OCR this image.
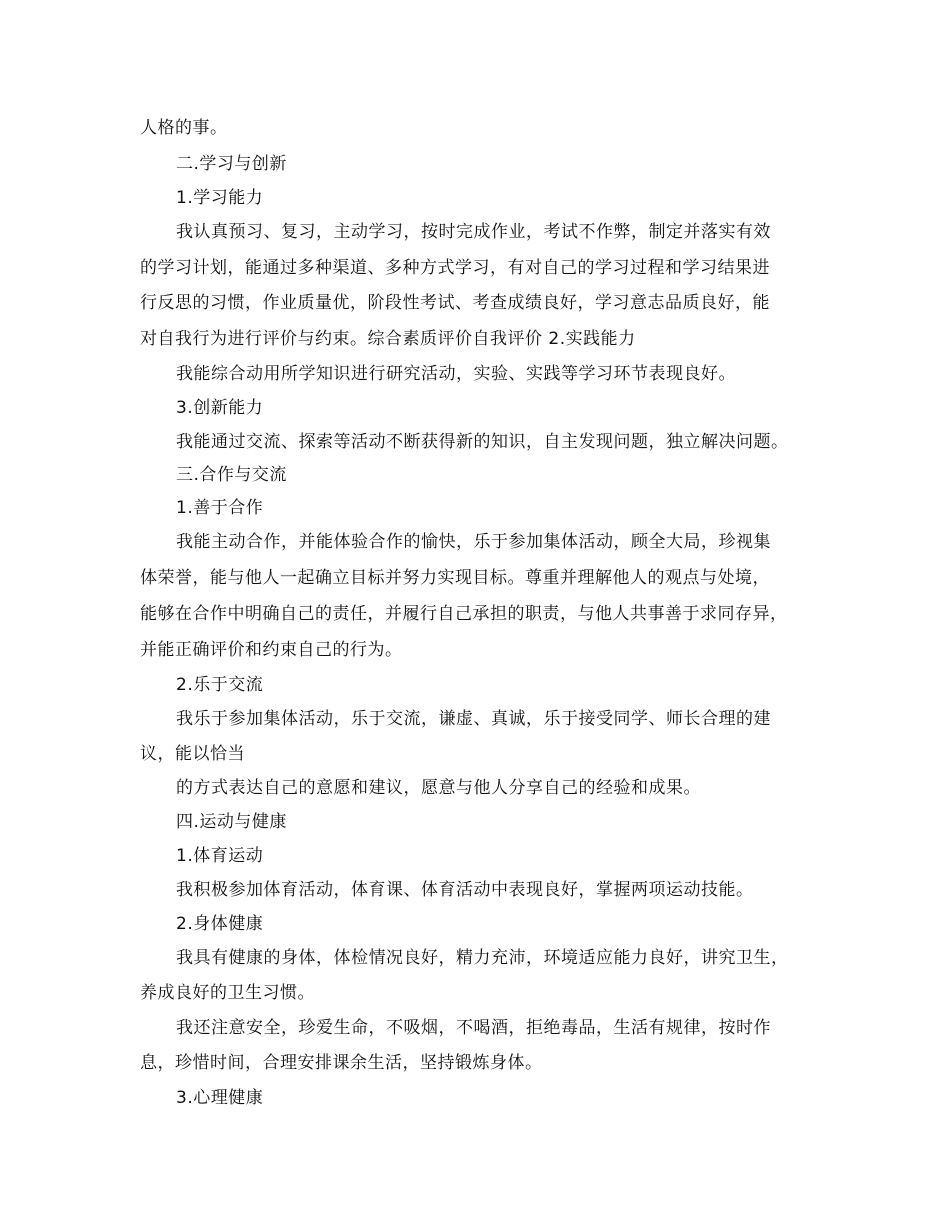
人格的事。
二.学习与创新
1.学习能力
我认真预习、复习，主动学习，按时完成作业，考试不作弊，制定并落实有效
的学习计划，能通过多种渠道、多种方式学习，有对自己的学习过程和学习结果进
行反思的习惯，作业质量优，阶段性考试、考查成绩良好，学习意志品质良好，能
对自我行为进行评价与约束。综合素质评价自我评价 2.实践能力
我能综合动用所学知识进行研究活动，实验、实践等学习环节表现良好。
3.创新能力
我能通过交流、探索等活动不断获得新的知识，自主发现问题，独立解决问题。
三.合作与交流
1.善于合作
我能主动合作，并能体验合作的愉快，乐于参加集体活动，顾全大局，珍视集
体荣誉，能与他人一起确立目标并努力实现目标。尊重并理解他人的观点与处境，
能够在合作中明确自己的责任，并履行自己承担的职责，与他人共事善于求同存异，
并能正确评价和约束自己的行为。
2.乐于交流
我乐于参加集体活动，乐于交流，谦虚、真诚，乐于接受同学、师长合理的建
议，能以恰当
的方式表达自己的意愿和建议，愿意与他人分享自己的经验和成果。
四.运动与健康
1.体育运动
我积极参加体育活动，体育课、体育活动中表现良好，掌握两项运动技能。
2.身体健康
我具有健康的身体，体检情况良好，精力充沛，环境适应能力良好，讲究卫生，
养成良好的卫生习惯。
我还注意安全，珍爱生命，不吸烟，不喝酒，拒绝毒品，生活有规律，按时作
息，珍惜时间，合理安排课余生活，坚持锻炼身体。
3.心理健康
